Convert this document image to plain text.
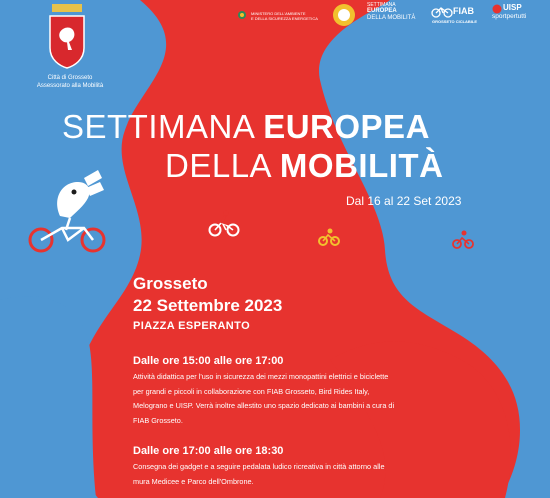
Città di Grosseto
Assessorato alla Mobilità
MINISTERO DELL'AMBIENTE
E DELLA SICUREZZA ENERGETICA
SETTIMANA
EUROPEA
DELLA MOBILITÀ
FIAB
GROSSETO CICLABILE
UISP
sportpertutti
SETTIMANA EUROPEA
DELLA MOBILITÀ
Dal 16 al 22 Set 2023
Grosseto
22 Settembre 2023
PIAZZA ESPERANTO
Dalle ore 15:00 alle ore 17:00
Attività didattica per l'uso in sicurezza dei mezzi monopattini elettrici e biciclette
per grandi e piccoli in collaborazione con FIAB Grosseto, Bird Rides Italy,
Melograno e UISP. Verrà inoltre allestito uno spazio dedicato ai bambini a cura di
FIAB Grosseto.
Dalle ore 17:00 alle ore 18:30
Consegna dei gadget e a seguire pedalata ludico ricreativa in città attorno alle
mura Medicee e Parco dell'Ombrone.
